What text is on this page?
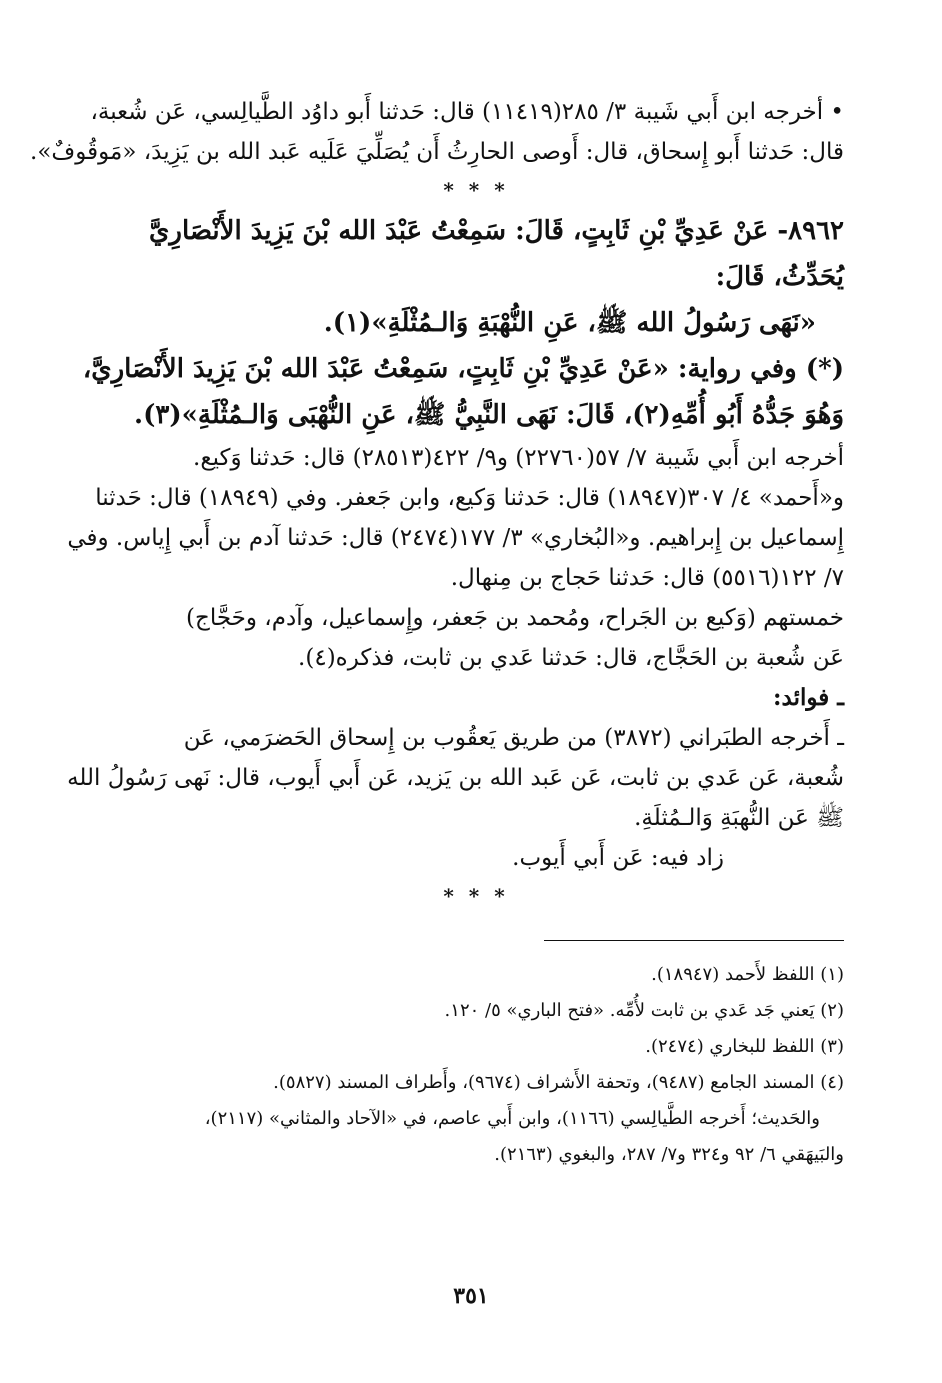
• أخرجه ابن أَبي شَيبة ٣/ ٢٨٥(١١٤١٩) قال: حَدثنا أَبو داوُد الطَّيالِسي، عَن شُعبة،
قال: حَدثنا أَبو إِسحاق، قال: أَوصى الحارِثُ أَن يُصَلِّيَ عَلَيه عَبد الله بن يَزِيدَ، «مَوقُوفٌ».
* * *
٨٩٦٢- عَنْ عَدِيِّ بْنِ ثَابِتٍ، قَالَ: سَمِعْتُ عَبْدَ الله بْنَ يَزِيدَ الأَنْصَارِيَّ
يُحَدِّثُ، قَالَ:
«نَهَى رَسُولُ الله ﷺ، عَنِ النُّهْبَةِ وَالـمُثْلَةِ»(١).
(*) وفي رواية: «عَنْ عَدِيِّ بْنِ ثَابِتٍ، سَمِعْتُ عَبْدَ الله بْنَ يَزِيدَ الأَنْصَارِيَّ،
وَهُوَ جَدُّهُ أَبُو أُمِّهِ(٢)، قَالَ: نَهَى النَّبِيُّ ﷺ، عَنِ النُّهْبَى وَالـمُثْلَةِ»(٣).
أخرجه ابن أَبي شَيبة ٧/ ٥٧(٢٢٧٦٠) و٩/ ٤٢٢(٢٨٥١٣) قال: حَدثنا وَكيع.
و«أَحمد» ٤/ ٣٠٧(١٨٩٤٧) قال: حَدثنا وَكيع، وابن جَعفر. وفي (١٨٩٤٩) قال: حَدثنا
إِسماعيل بن إِبراهيم. و«البُخاري» ٣/ ١٧٧(٢٤٧٤) قال: حَدثنا آدم بن أَبي إِياس. وفي
٧/ ١٢٢(٥٥١٦) قال: حَدثنا حَجاج بن مِنهال.
خمستهم (وَكيع بن الجَراح، ومُحمد بن جَعفر، وإِسماعيل، وآدم، وحَجَّاج)
عَن شُعبة بن الحَجَّاج، قال: حَدثنا عَدي بن ثابت، فذكره(٤).
ـ فوائد:
ـ أَخرجه الطبَراني (٣٨٧٢) من طريق يَعقُوب بن إِسحاق الحَضرَمي، عَن
شُعبة، عَن عَدي بن ثابت، عَن عَبد الله بن يَزيد، عَن أَبي أَيوب، قال: نَهى رَسُولُ الله
ﷺ عَن النُّهبَةِ وَالـمُثلَةِ.
زاد فيه: عَن أَبي أَيوب.
* * *
(١) اللفظ لأَحمد (١٨٩٤٧).
(٢) يَعني جَد عَدي بن ثابت لأُمِّه. «فتح الباري» ٥/ ١٢٠.
(٣) اللفظ للبخاري (٢٤٧٤).
(٤) المسند الجامع (٩٤٨٧)، وتحفة الأَشراف (٩٦٧٤)، وأَطراف المسند (٥٨٢٧).
والحَديث؛ أَخرجه الطَّيالِسي (١١٦٦)، وابن أَبي عاصم، في «الآحاد والمثاني» (٢١١٧)،
والبَيهَقي ٦/ ٩٢ و٣٢٤ و٧/ ٢٨٧، والبغوي (٢١٦٣).
٣٥١
